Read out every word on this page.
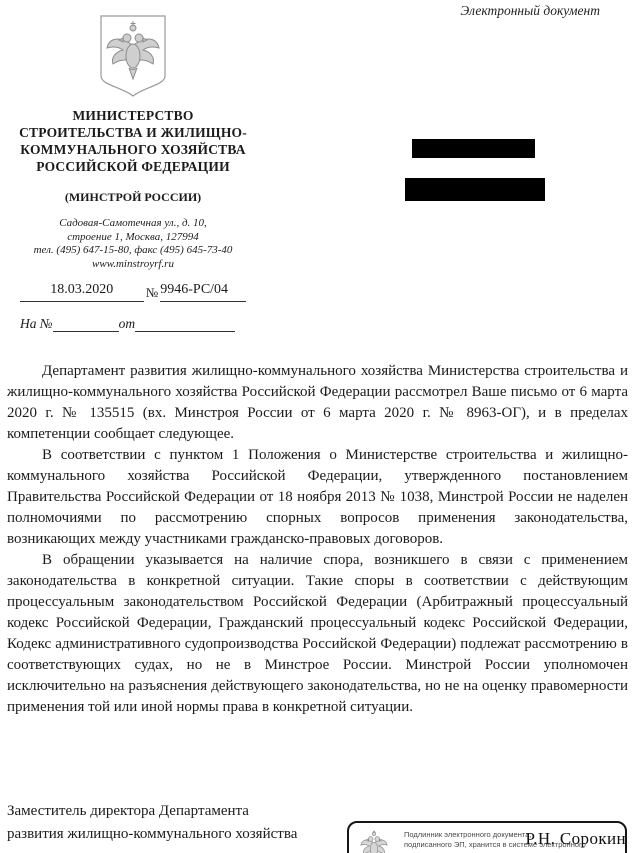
Электронный документ
МИНИСТЕРСТВО
СТРОИТЕЛЬСТВА И ЖИЛИЩНО-
КОММУНАЛЬНОГО ХОЗЯЙСТВА
РОССИЙСКОЙ ФЕДЕРАЦИИ
(МИНСТРОЙ РОССИИ)
Садовая-Самотечная ул., д. 10,
строение 1, Москва, 127994
тел. (495) 647-15-80, факс (495) 645-73-40
www.minstroyrf.ru
18.03.2020	№ 9946-РС/04
На №	от

Департамент развития жилищно-коммунального хозяйства Министерства строительства и жилищно-коммунального хозяйства Российской Федерации рассмотрел Ваше письмо от 6 марта 2020 г. № 135515 (вх. Минстроя России от 6 марта 2020 г. № 8963-ОГ), и в пределах компетенции сообщает следующее.

В соответствии с пунктом 1 Положения о Министерстве строительства и жилищно-коммунального хозяйства Российской Федерации, утвержденного постановлением Правительства Российской Федерации от 18 ноября 2013 № 1038, Минстрой России не наделен полномочиями по рассмотрению спорных вопросов применения законодательства, возникающих между участниками гражданско-правовых договоров.

В обращении указывается на наличие спора, возникшего в связи с применением законодательства в конкретной ситуации. Такие споры в соответствии с действующим процессуальным законодательством Российской Федерации (Арбитражный процессуальный кодекс Российской Федерации, Гражданский процессуальный кодекс Российской Федерации, Кодекс административного судопроизводства Российской Федерации) подлежат рассмотрению в соответствующих судах, но не в Минстрое России. Минстрой России уполномочен исключительно на разъяснения действующего законодательства, но не на оценку правомерности применения той или иной нормы права в конкретной ситуации.

Заместитель директора Департамента
развития жилищно-коммунального хозяйства	Подлинник электронного документа,
подписанного ЭП, хранится в системе электронного
Р.Н. Сорокин
